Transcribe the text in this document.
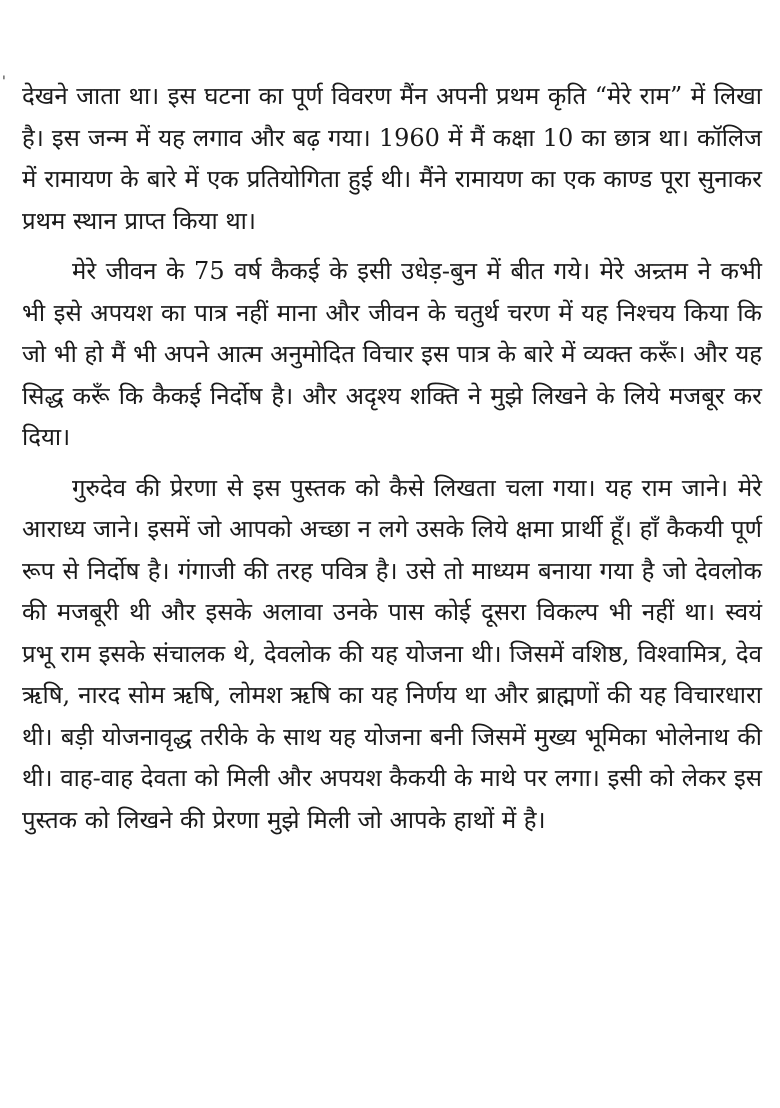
' देखने जाता था। इस घटना का पूर्ण विवरण मैंन अपनी प्रथम कृति “मेरे राम” में लिखा है। इस जन्म में यह लगाव और बढ़ गया। 1960 में मैं कक्षा 10 का छात्र था। कॉलिज में रामायण के बारे में एक प्रतियोगिता हुई थी। मैंने रामायण का एक काण्ड पूरा सुनाकर प्रथम स्थान प्राप्त किया था।

मेरे जीवन के 75 वर्ष कैकई के इसी उधेड़-बुन में बीत गये। मेरे अन्र्तम ने कभी भी इसे अपयश का पात्र नहीं माना और जीवन के चतुर्थ चरण में यह निश्चय किया कि जो भी हो मैं भी अपने आत्म अनुमोदित विचार इस पात्र के बारे में व्यक्त करूँ। और यह सिद्ध करूँ कि कैकई निर्दोष है। और अदृश्य शक्ति ने मुझे लिखने के लिये मजबूर कर दिया।

गुरुदेव की प्रेरणा से इस पुस्तक को कैसे लिखता चला गया। यह राम जाने। मेरे आराध्य जाने। इसमें जो आपको अच्छा न लगे उसके लिये क्षमा प्रार्थी हूँ। हाँ कैकयी पूर्ण रूप से निर्दोष है। गंगाजी की तरह पवित्र है। उसे तो माध्यम बनाया गया है जो देवलोक की मजबूरी थी और इसके अलावा उनके पास कोई दूसरा विकल्प भी नहीं था। स्वयं प्रभू राम इसके संचालक थे, देवलोक की यह योजना थी। जिसमें वशिष्ठ, विश्वामित्र, देव ऋषि, नारद सोम ऋषि, लोमश ऋषि का यह निर्णय था और ब्राह्मणों की यह विचारधारा थी। बड़ी योजनावृद्ध तरीके के साथ यह योजना बनी जिसमें मुख्य भूमिका भोलेनाथ की थी। वाह-वाह देवता को मिली और अपयश कैकयी के माथे पर लगा। इसी को लेकर इस पुस्तक को लिखने की प्रेरणा मुझे मिली जो आपके हाथों में है।
